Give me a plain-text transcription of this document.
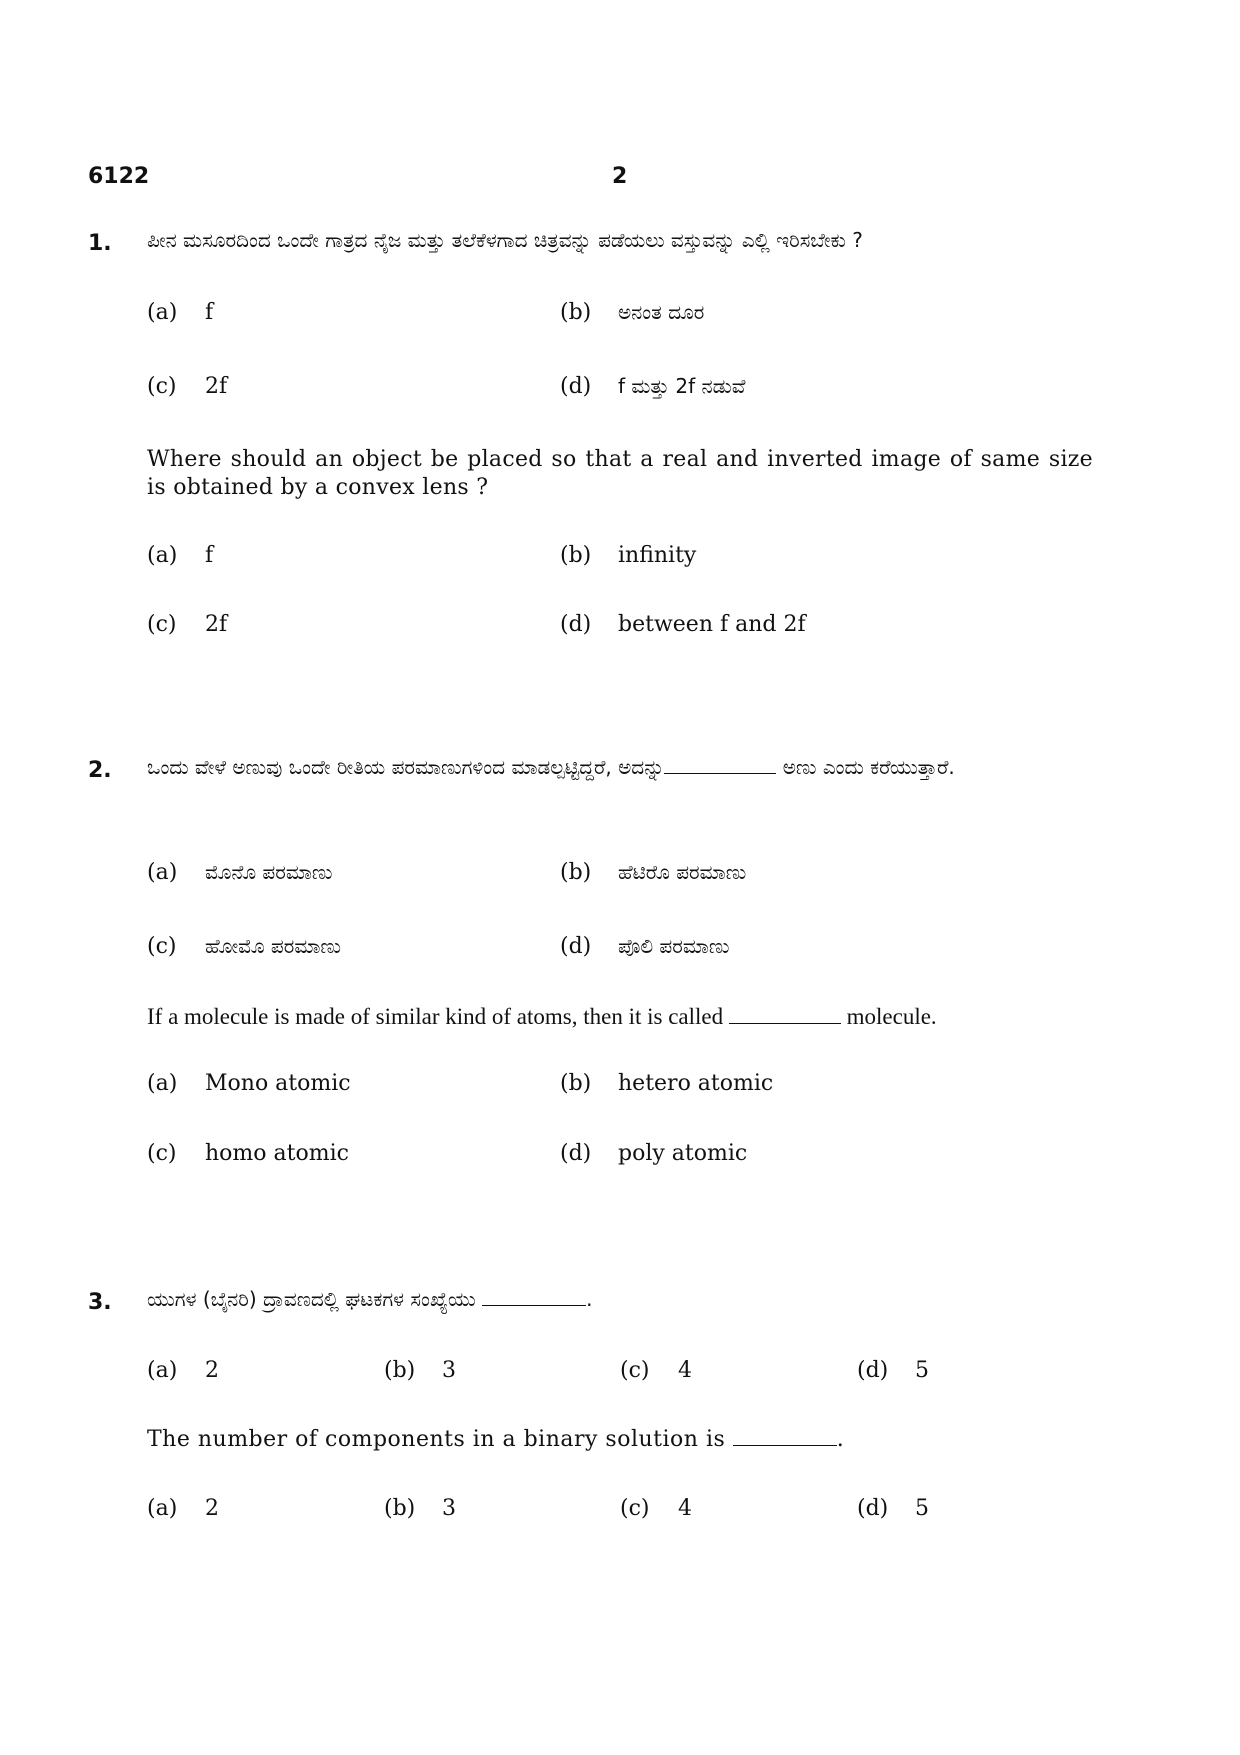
6122	2
1. ಪೀನ ಮಸೂರದಿಂದ ಒಂದೇ ಗಾತ್ರದ ನೈಜ ಮತ್ತು ತಲೆಕೆಳಗಾದ ಚಿತ್ರವನ್ನು ಪಡೆಯಲು ವಸ್ತುವನ್ನು ಎಲ್ಲಿ ಇರಿಸಬೇಕು ?
(a) f	(b) ಅನಂತ ದೂರ
(c) 2f	(d) f ಮತ್ತು 2f ನಡುವೆ
Where should an object be placed so that a real and inverted image of same size is obtained by a convex lens ?
(a) f	(b) infinity
(c) 2f	(d) between f and 2f
2. ಒಂದು ವೇಳೆ ಅಣುವು ಒಂದೇ ರೀತಿಯ ಪರಮಾಣುಗಳಿಂದ ಮಾಡಲ್ಪಟ್ಟಿದ್ದರೆ, ಅದನ್ನು	ಅಣು ಎಂದು ಕರೆಯುತ್ತಾರೆ.
(a) ಮೊನೊ ಪರಮಾಣು	(b) ಹೆಟಿರೊ ಪರಮಾಣು
(c) ಹೋಮೊ ಪರಮಾಣು	(d) ಪೊಲಿ ಪರಮಾಣು
If a molecule is made of similar kind of atoms, then it is called	molecule.
(a) Mono atomic	(b) hetero atomic
(c) homo atomic	(d) poly atomic
3. ಯುಗಳ (ಬೈನರಿ) ದ್ರಾವಣದಲ್ಲಿ ಘಟಕಗಳ ಸಂಖ್ಯೆಯು	.
(a) 2	(b) 3	(c) 4	(d) 5
The number of components in a binary solution is	.
(a) 2	(b) 3	(c) 4	(d) 5
